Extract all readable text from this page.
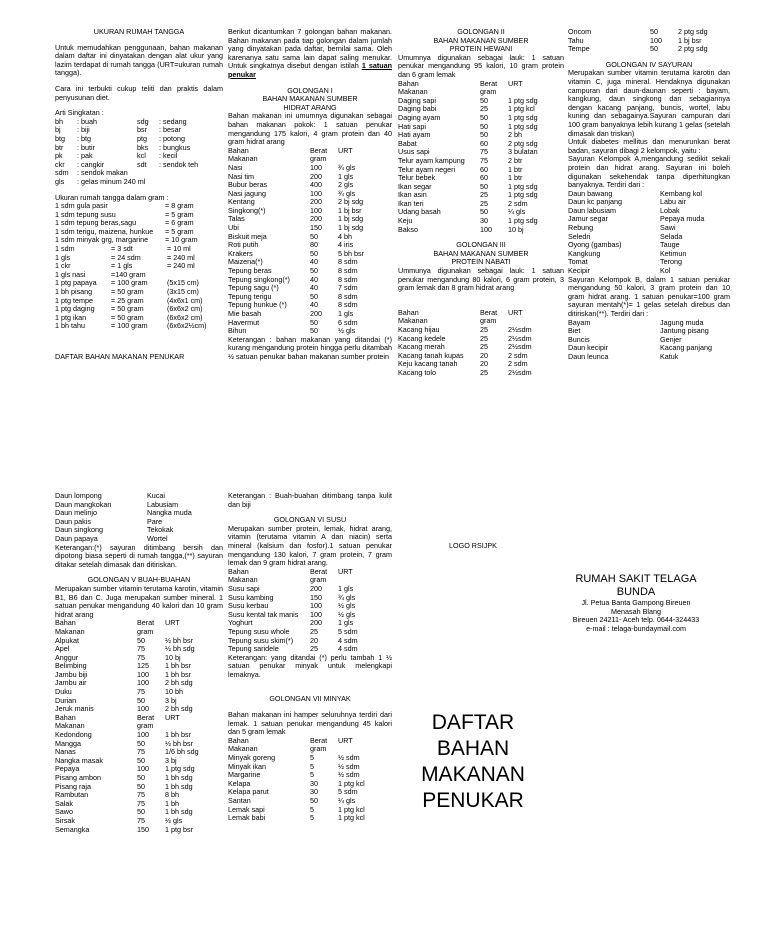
UKURAN RUMAH TANGGA
Untuk memudahkan penggunaan, bahan makanan dalam daftar ini dinyatakan dengan alat ukur yang lazim terdapat di rumah tangga (URT=ukuran rumah tangga).
Cara ini terbukti cukup teliti dan praktis dalam penyusunan diet.
Arti Singkatan :
bh	: buah	sdg	: sedang
bj	: biji	bsr	: besar
btg	: btg	ptg	: potong
btr	: butir	bks	: bungkus
pk	: pak	kcl	: kecil
ckr	: cangkir	sdt	: sendok teh
sdm	: sendok makan
gls	: gelas minum 240 ml
Ukuran rumah tangga dalam gram :
1 sdm gula pasir	= 8 gram
1 sdm tepung susu	= 5 gram
1 sdm tepung beras,sagu	= 6 gram
1 sdm terigu, maizena, hunkue	= 5 gram
1 sdm minyak grg, margarine	= 10 gram
1 sdm	= 3 sdt	= 10 ml
1 gls	= 24 sdm	= 240 ml
1 ckr	= 1 gls	= 240 ml
1 gls nasi	=140 gram	
1 ptg papaya	= 100 gram	(5x15 cm)
1 bh pisang	= 50 gram	(3x15 cm)
1 ptg tempe	= 25 gram	(4x6x1 cm)
1 ptg daging	= 50 gram	(6x6x2 cm)
1 ptg ikan	= 50 gram	(6x6x2 cm)
1 bh tahu	= 100 gram	(6x6x2½cm)
DAFTAR BAHAN MAKANAN PENUKAR
Berikut dicantumkan 7 golongan bahan makanan. Bahan makanan pada tiap golongan dalam jumlah yang dinyatakan pada daftar, bernilai sama. Oleh karenanya satu sama lain dapat saling menukar. Untuk singkatnya disebut dengan istilah 1 satuan penukar
GOLONGAN I
BAHAN MAKANAN SUMBER
HIDRAT ARANG
Bahan makanan ini umumnya digunakan sebagai bahan makanan pokok: 1 satuan penukar mengandung 175 kalori, 4 gram protein dan 40 gram hidrat arang
Bahan	Berat	URT
Makanan	gram	
Nasi	100	¾ gls
Nasi tim	200	1 gls
Bubur beras	400	2 gls
Nasi jagung	100	¾ gls
Kentang	200	2 bj sdg
Singkong(*)	100	1 bj bsr
Talas	200	1 bj sdg
Ubi	150	1 bj sdg
Biskuit meja	50	4 bh
Roti putih	80	4 iris
Krakers	50	5 bh bsr
Maizena(*)	40	8 sdm
Tepung beras	50	8 sdm
Tepung singkong(*)	40	8 sdm
Tepung sagu (*)	40	7 sdm
Tepung terigu	50	8 sdm
Tepung hunkue (*)	40	8 sdm
Mie basah	200	1 gls
Havermut	50	6 sdm
Bihun	50	½ gls
Keterangan : bahan makanan yang ditandai (*) kurang mengandung protein hingga perlu ditambah ½ satuan penukar bahan makanan sumber protein
GOLONGAN II
BAHAN MAKANAN SUMBER
PROTEIN HEWANI
Umumnya digunakan sebagai lauk: 1 satuan penukar mengandung 95 kalori, 10 gram protein dan 6 gram lemak
Bahan	Berat	URT
Makanan	gram	
Daging sapi	50	1 ptg sdg
Daging babi	25	1 ptg kcl
Daging ayam	50	1 ptg sdg
Hati sapi	50	1 ptg sdg
Hati ayam	50	2 bh
Babat	60	2 ptg sdg
Usus sapi	75	3 bulatan
Telur ayam kampung	75	2 btr
Telur ayam negeri	60	1 btr
Telur bebek	60	1 btr
Ikan segar	50	1 ptg sdg
Ikan asin	25	1 ptg sdg
Ikan teri	25	2 sdm
Udang basah	50	¼ gls
Keju	30	1 ptg sdg
Bakso	100	10 bj
GOLONGAN III
BAHAN MAKANAN SUMBER
PROTEIN NABATI
Ummunya digunakan sebagai lauk: 1 satuan penukar mengandung 80 kalori, 6 gram protein, 3 gram lemak dan 8 gram hidrat arang
Bahan	Berat	URT
Makanan	gram	
Kacang hijau	25	2½sdm
Kacang kedele	25	2½sdm
Kacang merah	25	2½sdm
Kacang tanah kupas	20	2 sdm
Keju kacang tanah	20	2 sdm
Kacang tolo	25	2½sdm
Oncom	50	2 ptg sdg
Tahu	100	1 bj bsr
Tempe	50	2 ptg sdg
GOLONGAN IV SAYURAN
Merupakan sumber vitamin terutama karotin dan vitamin C, juga mineral. Hendaknya digunakan campuran dari daun-daunan seperti : bayam, kangkung, daun singkong dan sebagiannya dengan kacang panjang, buncis, wortel, labu kuning dan sebagainya.Sayuran campuran dari 100 gram banyaknya lebih kurang 1 gelas (setelah dimasak dan triskan)
Untuk diabetes mellitus dan menurunkan berat badan, sayuran dibagi 2 kelompok, yaitu :
Sayuran Kelompok A,mengandung sedikit sekali protein dan hidrat arang. Sayuran ini boleh digunakan sekehendak tanpa diperhitungkan banyaknya. Terdiri dari :
Daun bawang	Kembang kol
Daun kc panjang	Labu air
Daun labusiam	Lobak
Jamur segar	Pepaya muda
Rebung	Sawi
Seledri	Selada
Oyong (gambas)	Tauge
Kangkung	Ketimun
Tomat	Terong
Kecipir	Kol
Sayuran Kelompok B, dalam 1 satuan penukar mengandung 50 kalori, 3 gram protein dan 10 gram hidrat arang. 1 satuan penukar=100 gram sayuran mentah(*)= 1 gelas setelah direbus dan ditiriskan(**). Terdiri dari :
Bayam	Jagung muda
Biet	Jantung pisang
Buncis	Genjer
Daun kecipir	Kacang panjang
Daun leunca	Katuk
Daun lompong	Kucai
Daun mangkokan	Labusiam
Daun melinjo	Nangka muda
Daun pakis	Pare
Daun singkong	Tekokak
Daun papaya	Wortel
Keterangan:(*) sayuran ditimbang bersih dan dipotong biasa seperti di rumah tangga,(**) sayuran ditakar setelah dimasak dan ditiriskan.
GOLONGAN V BUAH-BUAHAN
Merupakan sumber vitamin terutama karotin, vitamin B1, B6 dan C. Juga merupakan sumber mineral. 1 satuan penukar mengandung 40 kalori dan 10 gram hidrat arang
Bahan	Berat	URT
Makanan	gram	
Alpukat	50	½ bh bsr
Apel	75	½ bh sdg
Anggur	75	10 bj
Belimbing	125	1 bh bsr
Jambu biji	100	1 bh bsr
Jambu air	100	2 bh sdg
Duku	75	10 bh
Durian	50	3 bj
Jeruk manis	100	2 bh sdg
Bahan	Berat	URT
Makanan	gram	
Kedondong	100	1 bh bsr
Mangga	50	½ bh bsr
Nanas	75	1/6 bh sdg
Nangka masak	50	3 bj
Pepaya	100	1 ptg sdg
Pisang ambon	50	1 bh sdg
Pisang raja	50	1 bh sdg
Rambutan	75	8 bh
Salak	75	1 bh
Sawo	50	1 bh sdg
Sirsak	75	½ gls
Semangka	150	1 ptg bsr
Keterangan : Buah-buahan ditimbang tanpa kulit dan biji
GOLONGAN VI SUSU
Merupakan sumber protein, lemak, hidrat arang, vitamin (terutama vitamin A dan niacin) serta mineral (kalsium dan fosfor).1 satuan penukar mengandung 130 kalori, 7 gram protein, 7 gram lemak dan 9 gram hidrat arang.
Bahan	Berat	URT
Makanan	gram	
Susu sapi	200	1 gls
Susu kambing	150	¾ gls
Susu kerbau	100	½ gls
Susu kental tak manis	100	½ gls
Yoghurt	200	1 gls
Tepung susu whole	25	5 sdm
Tepung susu skim(*)	20	4 sdm
Tepung saridele	25	4 sdm
Keterangan: yang ditandai (*) perlu tambah 1 ½ satuan penukar minyak untuk melengkapi lemaknya.
GOLONGAN VII MINYAK
Bahan makanan ini hamper seluruhnya terdiri dari lemak. 1 satuan penukar mengandung 45 kalori dan 5 gram lemak
Bahan	Berat	URT
Makanan	gram	
Minyak goreng	5	½ sdm
Minyak ikan	5	½ sdm
Margarine	5	½ sdm
Kelapa	30	1 ptg kcl
Kelapa parut	30	5 sdm
Santan	50	¼ gls
Lemak sapi	5	1 ptg kcl
Lemak babi	5	1 ptg kcl
LOGO RSIJPK
RUMAH SAKIT TELAGA
BUNDA
Jl. Petua Banta Gampong Bireuen
Menasah Blang
Bireuen 24211- Aceh telp. 0644-324433
e-mail : telaga-bundaymail.com
DAFTAR
BAHAN
MAKANAN
PENUKAR
